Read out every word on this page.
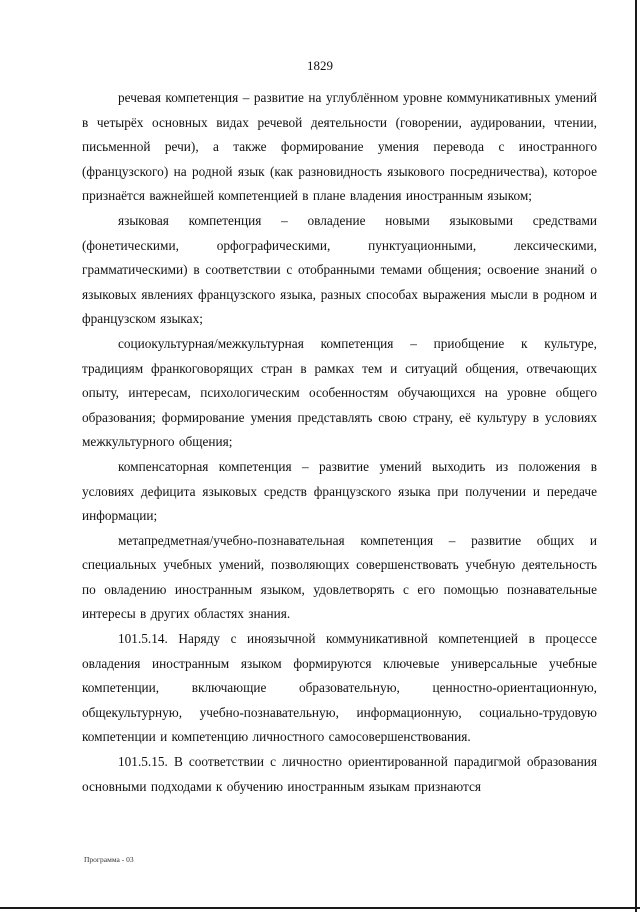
1829

речевая компетенция – развитие на углублённом уровне коммуникативных умений в четырёх основных видах речевой деятельности (говорении, аудировании, чтении, письменной речи), а также формирование умения перевода с иностранного (французского) на родной язык (как разновидность языкового посредничества), которое признаётся важнейшей компетенцией в плане владения иностранным языком;

языковая компетенция – овладение новыми языковыми средствами (фонетическими, орфографическими, пунктуационными, лексическими, грамматическими) в соответствии с отобранными темами общения; освоение знаний о языковых явлениях французского языка, разных способах выражения мысли в родном и французском языках;

социокультурная/межкультурная компетенция – приобщение к культуре, традициям франкоговорящих стран в рамках тем и ситуаций общения, отвечающих опыту, интересам, психологическим особенностям обучающихся на уровне общего образования; формирование умения представлять свою страну, её культуру в условиях межкультурного общения;

компенсаторная компетенция – развитие умений выходить из положения в условиях дефицита языковых средств французского языка при получении и передаче информации;

метапредметная/учебно-познавательная компетенция – развитие общих и специальных учебных умений, позволяющих совершенствовать учебную деятельность по овладению иностранным языком, удовлетворять с его помощью познавательные интересы в других областях знания.

101.5.14. Наряду с иноязычной коммуникативной компетенцией в процессе овладения иностранным языком формируются ключевые универсальные учебные компетенции, включающие образовательную, ценностно-ориентационную, общекультурную, учебно-познавательную, информационную, социально-трудовую компетенции и компетенцию личностного самосовершенствования.

101.5.15. В соответствии с личностно ориентированной парадигмой образования основными подходами к обучению иностранным языкам признаются

Программа - 03
